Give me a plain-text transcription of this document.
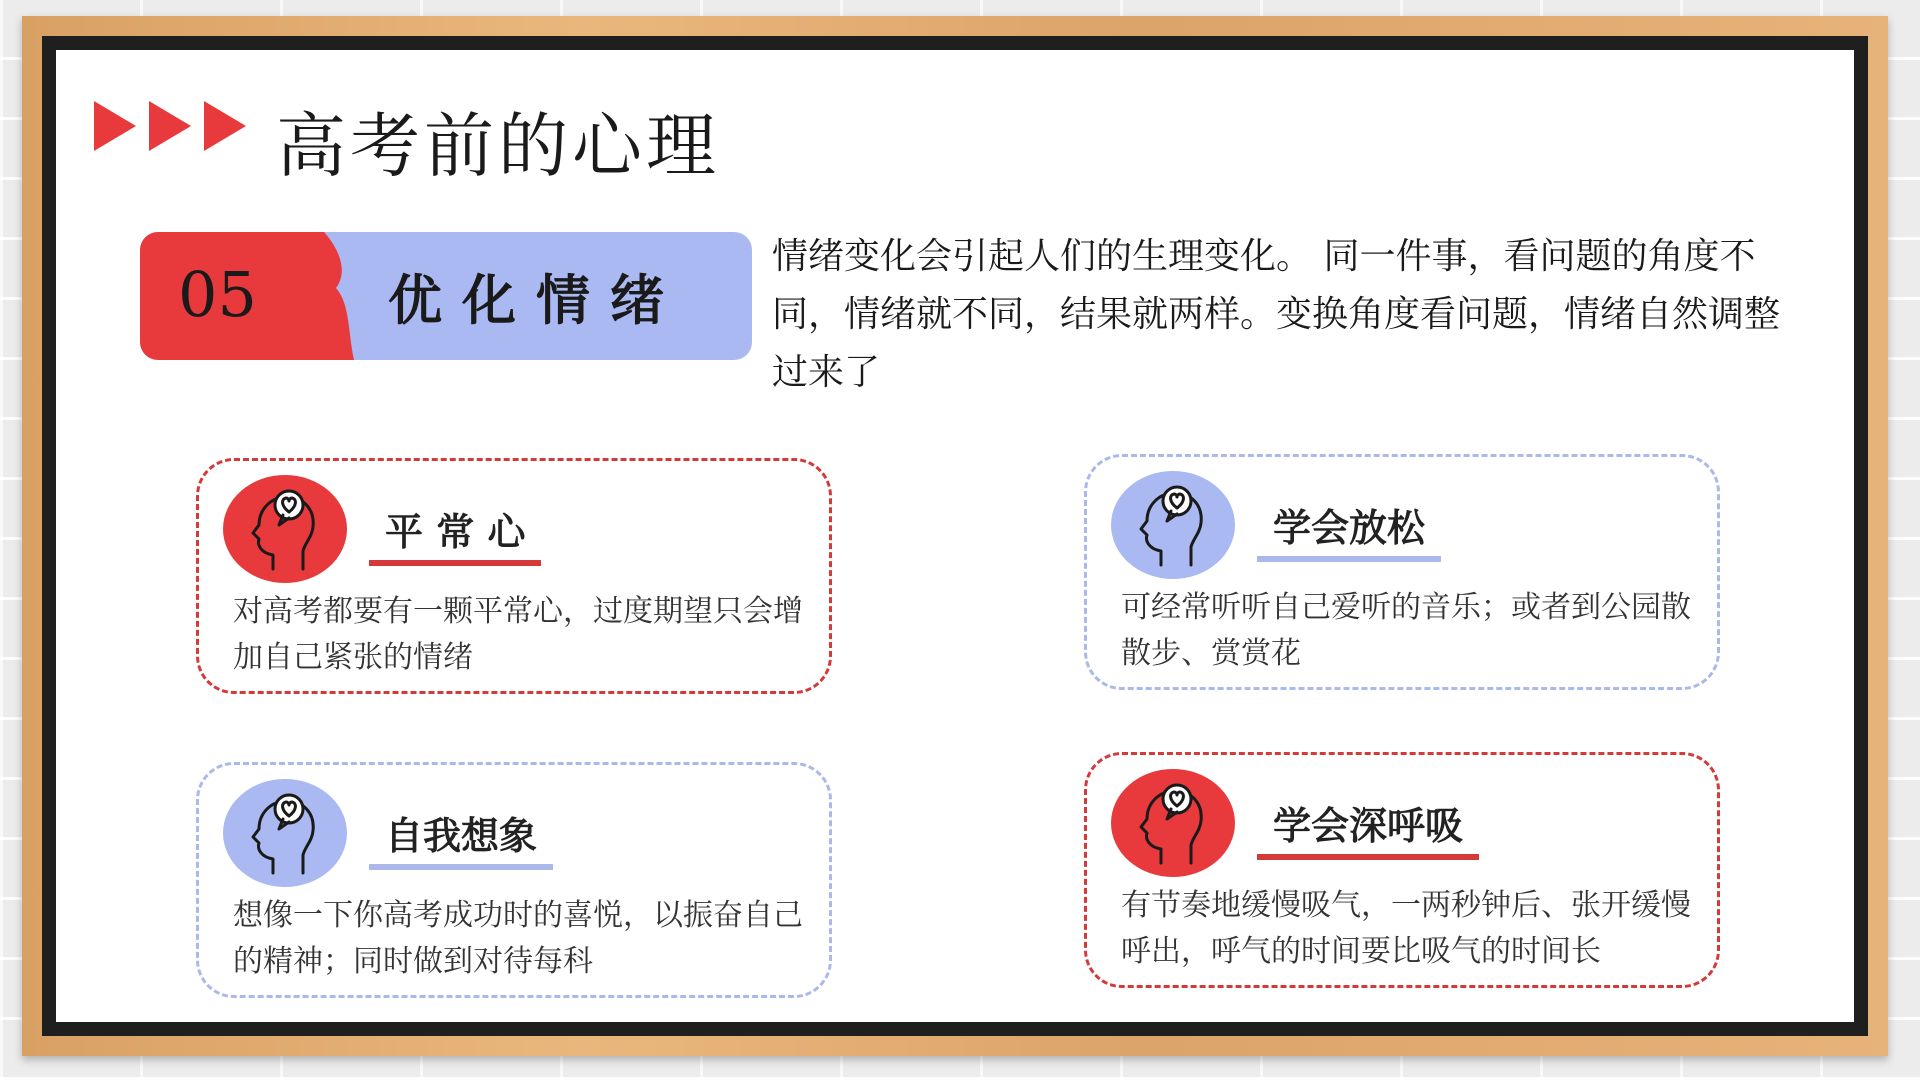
高考前的心理
05 优化情绪

情绪变化会引起人们的生理变化。 同一件事，看问题的角度不同，情绪就不同，结果就两样。变换角度看问题，情绪自然调整过来了

平 常 心

对高考都要有一颗平常心，过度期望只会增加自己紧张的情绪

学会放松

可经常听听自己爱听的音乐；或者到公园散散步、赏赏花

自我想象

想像一下你高考成功时的喜悦，以振奋自己的精神；同时做到对待每科

学会深呼吸

有节奏地缓慢吸气，一两秒钟后、张开缓慢呼出，呼气的时间要比吸气的时间长
